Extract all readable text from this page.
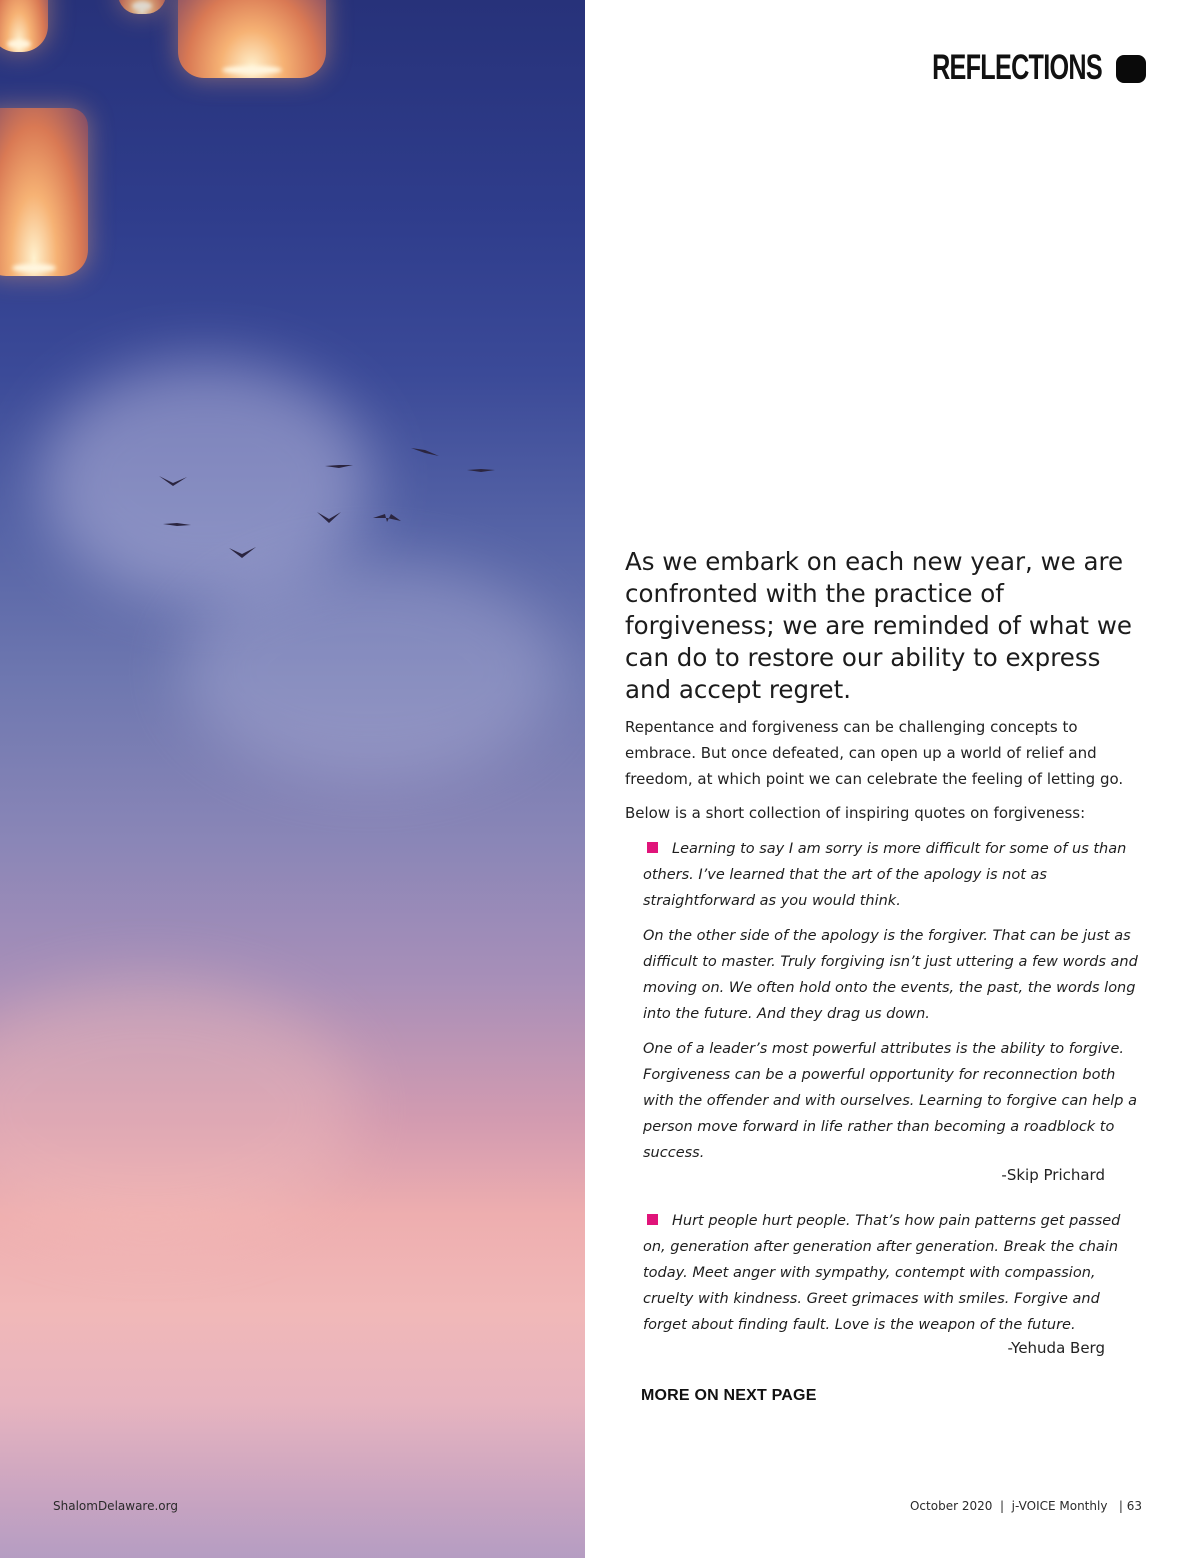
REFLECTIONS

As we embark on each new year, we are confronted with the practice of forgiveness; we are reminded of what we can do to restore our ability to express and accept regret.

Repentance and forgiveness can be challenging concepts to embrace. But once defeated, can open up a world of relief and freedom, at which point we can celebrate the feeling of letting go.

Below is a short collection of inspiring quotes on forgiveness:

Learning to say I am sorry is more difficult for some of us than others. I’ve learned that the art of the apology is not as straightforward as you would think.

On the other side of the apology is the forgiver. That can be just as difficult to master. Truly forgiving isn’t just uttering a few words and moving on. We often hold onto the events, the past, the words long into the future. And they drag us down.

One of a leader’s most powerful attributes is the ability to forgive. Forgiveness can be a powerful opportunity for reconnection both with the offender and with ourselves. Learning to forgive can help a person move forward in life rather than becoming a roadblock to success.

-Skip Prichard

Hurt people hurt people. That’s how pain patterns get passed on, generation after generation after generation. Break the chain today. Meet anger with sympathy, contempt with compassion, cruelty with kindness. Greet grimaces with smiles. Forgive and forget about finding fault. Love is the weapon of the future.

-Yehuda Berg

MORE ON NEXT PAGE

ShalomDelaware.org	October 2020  |  j-VOICE Monthly   | 63
